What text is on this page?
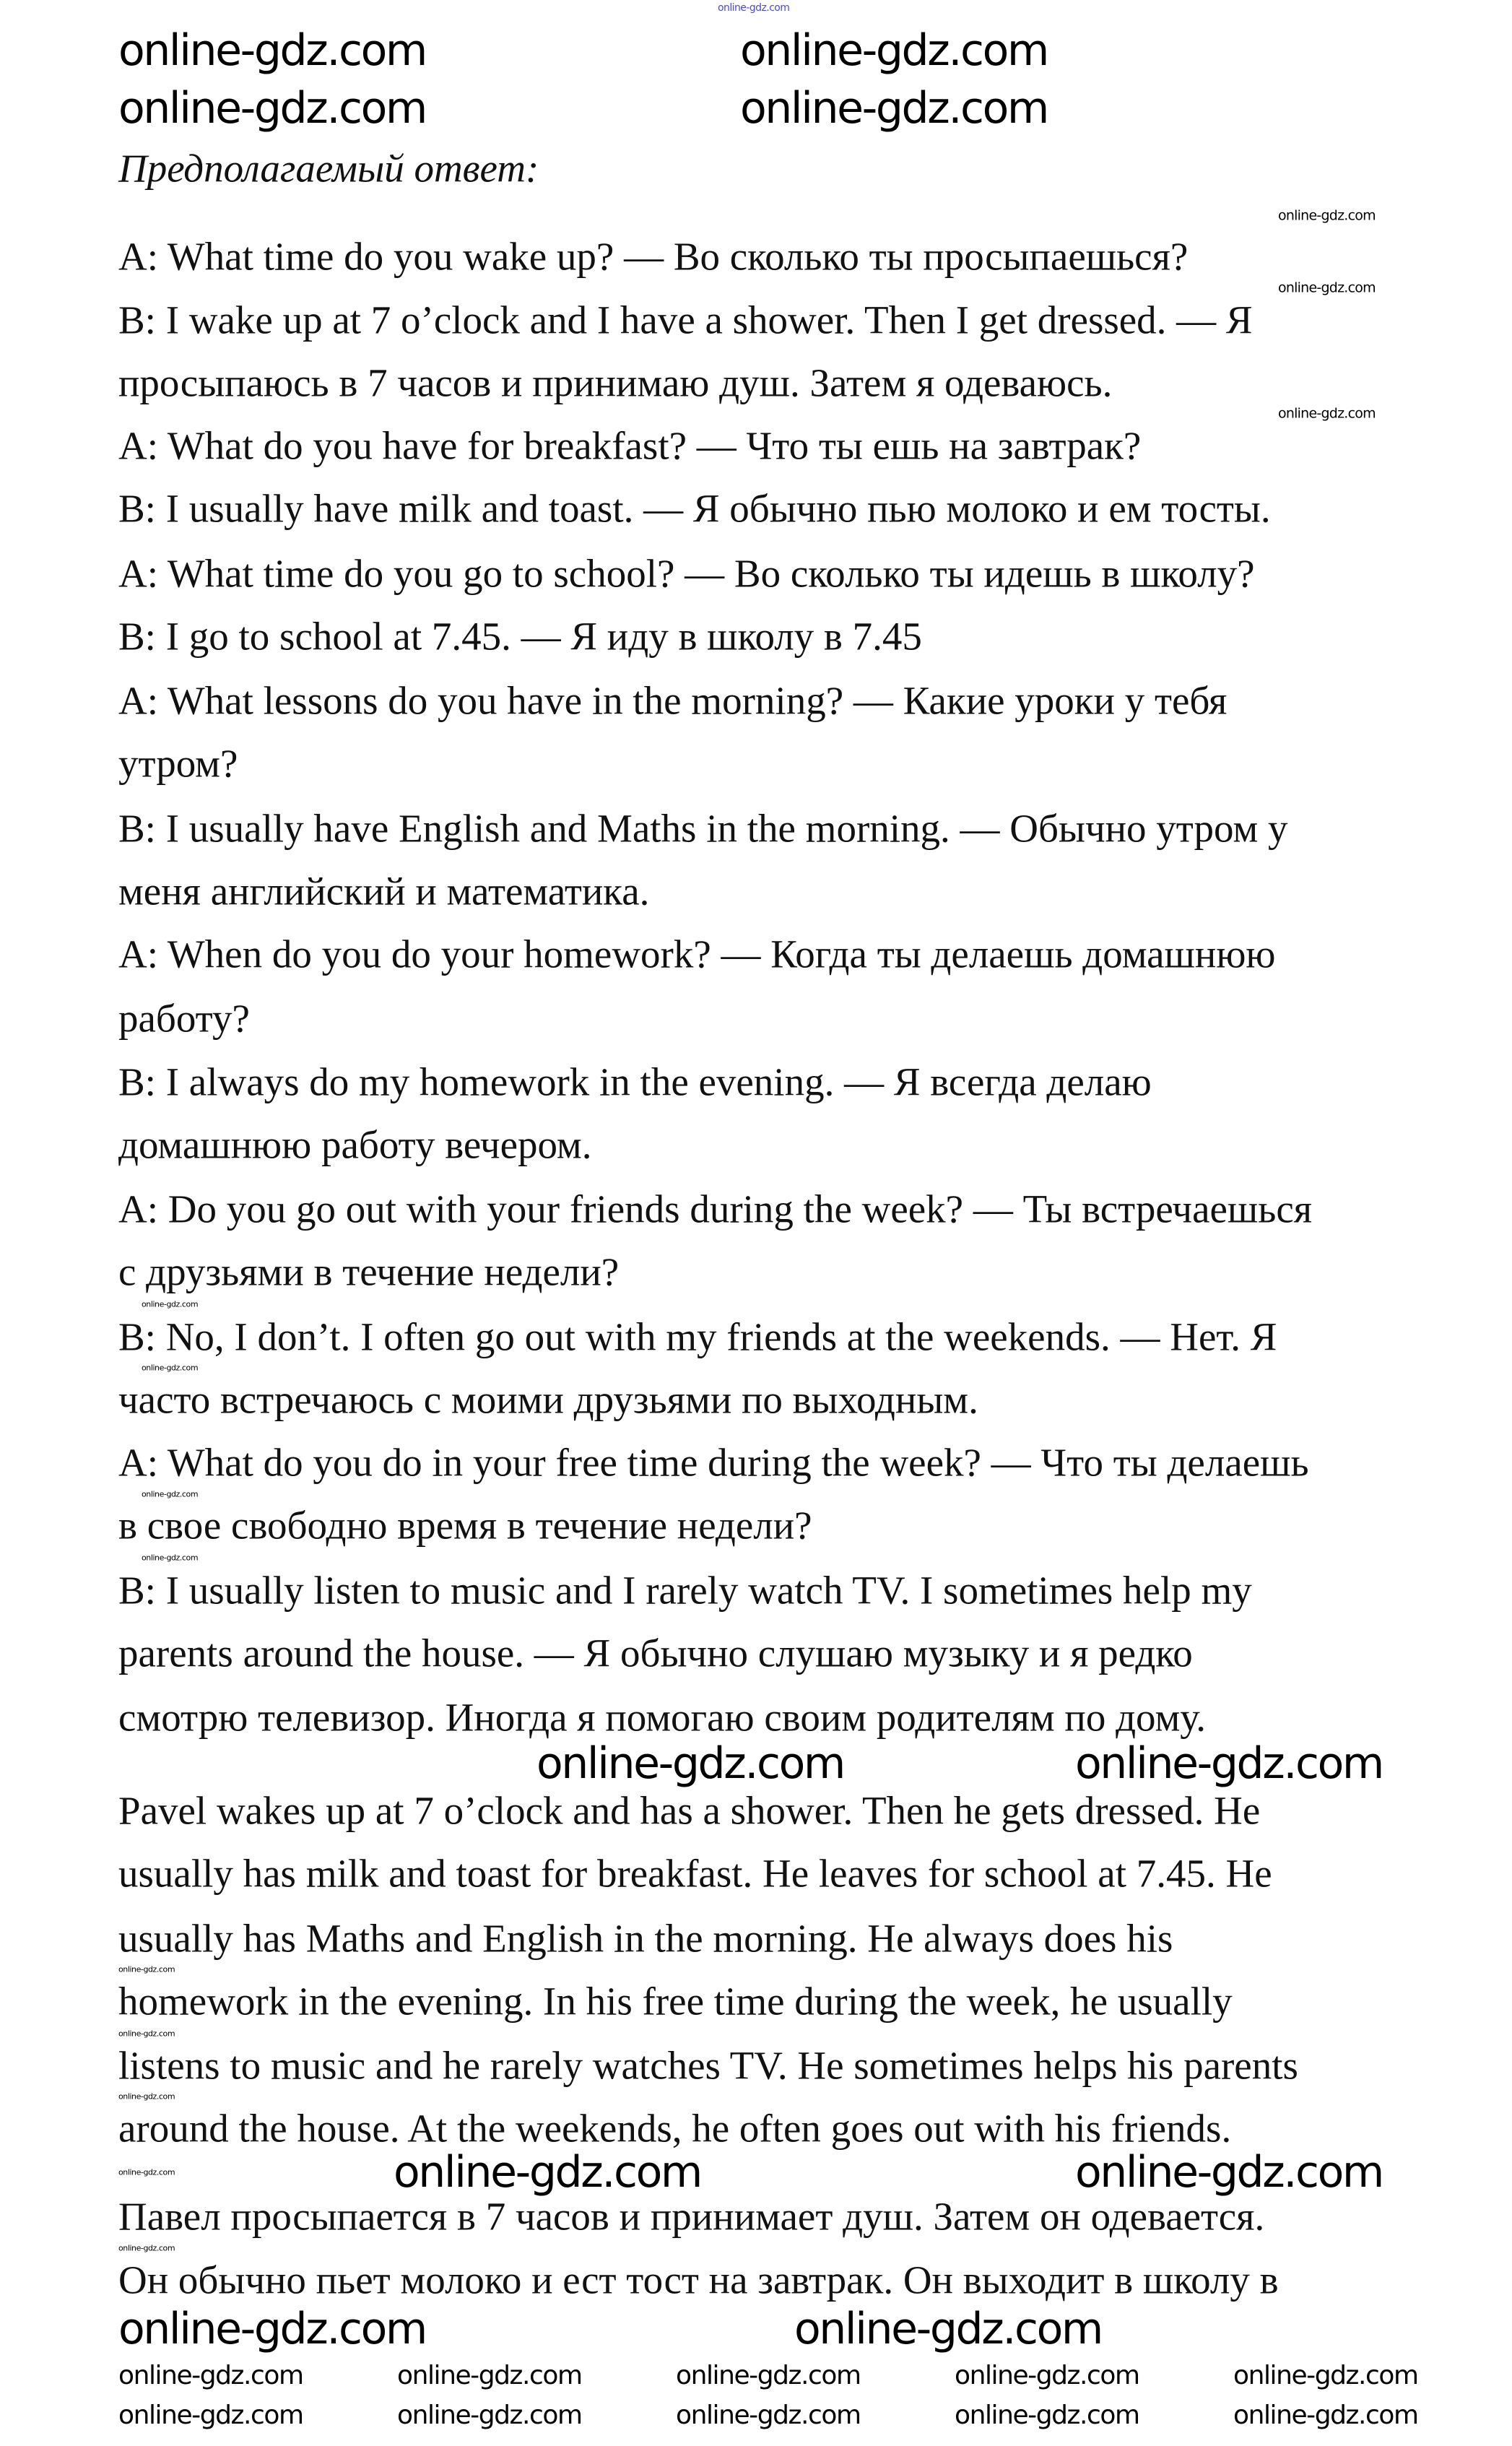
Предполагаемый ответ:
A: What time do you wake up? — Во сколько ты просыпаешься?
B: I wake up at 7 o’clock and I have a shower. Then I get dressed. — Я
просыпаюсь в 7 часов и принимаю душ. Затем я одеваюсь.
A: What do you have for breakfast? — Что ты ешь на завтрак?
B: I usually have milk and toast. — Я обычно пью молоко и ем тосты.
A: What time do you go to school? — Во сколько ты идешь в школу?
B: I go to school at 7.45. — Я иду в школу в 7.45
A: What lessons do you have in the morning? — Какие уроки у тебя
утром?
B: I usually have English and Maths in the morning. — Обычно утром у
меня английский и математика.
A: When do you do your homework? — Когда ты делаешь домашнюю
работу?
B: I always do my homework in the evening. — Я всегда делаю
домашнюю работу вечером.
A: Do you go out with your friends during the week? — Ты встречаешься
с друзьями в течение недели?
B: No, I don’t. I often go out with my friends at the weekends. — Нет. Я
часто встречаюсь с моими друзьями по выходным.
A: What do you do in your free time during the week? — Что ты делаешь
в свое свободно время в течение недели?
B: I usually listen to music and I rarely watch TV. I sometimes help my
parents around the house. — Я обычно слушаю музыку и я редко
смотрю телевизор. Иногда я помогаю своим родителям по дому.
Pavel wakes up at 7 o’clock and has a shower. Then he gets dressed. He
usually has milk and toast for breakfast. He leaves for school at 7.45. He
usually has Maths and English in the morning. He always does his
homework in the evening. In his free time during the week, he usually
listens to music and he rarely watches TV. He sometimes helps his parents
around the house. At the weekends, he often goes out with his friends.
Павел просыпается в 7 часов и принимает душ. Затем он одевается.
Он обычно пьет молоко и ест тост на завтрак. Он выходит в школу в
online-gdz.com
online-gdz.com	online-gdz.com
online-gdz.com	online-gdz.com
online-gdz.com	online-gdz.com
online-gdz.com	online-gdz.com
online-gdz.com	online-gdz.com
online-gdz.com	online-gdz.com	online-gdz.com	online-gdz.com	online-gdz.com
online-gdz.com	online-gdz.com	online-gdz.com	online-gdz.com	online-gdz.com
online-gdz.com
online-gdz.com
online-gdz.com
online-gdz.com
online-gdz.com
online-gdz.com
online-gdz.com
online-gdz.com
online-gdz.com
online-gdz.com
online-gdz.com
online-gdz.com
